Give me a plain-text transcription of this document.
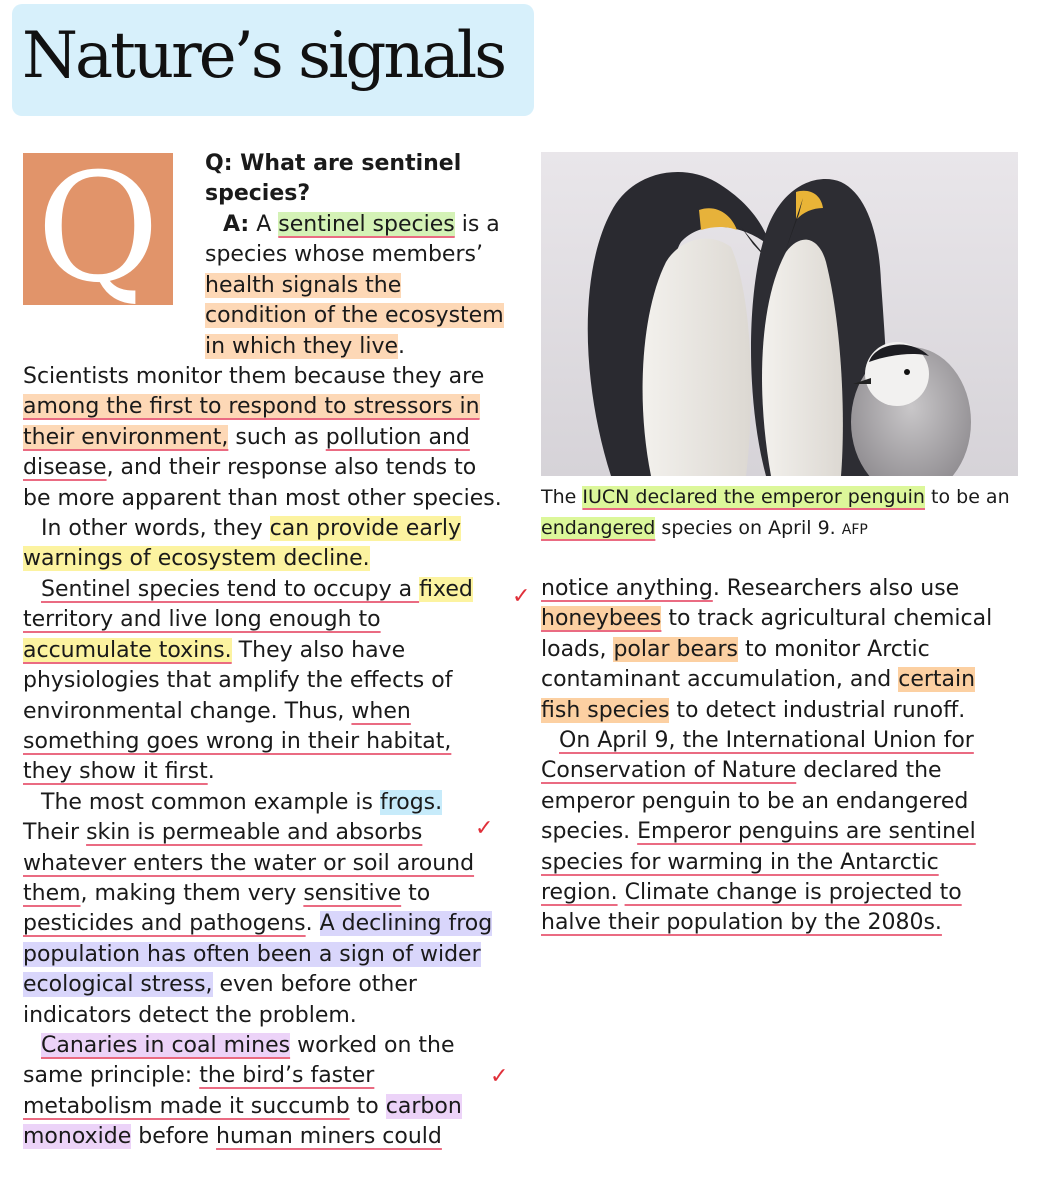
Nature’s signals
Q	Q: What are sentinel species?

A: A sentinel species is a species whose members’ health signals the condition of the ecosystem in which they live. Scientists monitor them because they are among the first to respond to stressors in their environment, such as pollution and disease, and their response also tends to be more apparent than most other species.

In other words, they can provide early warnings of ecosystem decline.

Sentinel species tend to occupy a fixed territory and live long enough to accumulate toxins. They also have physiologies that amplify the effects of environmental change. Thus, when something goes wrong in their habitat, they show it first.

The most common example is frogs. Their skin is permeable and absorbs whatever enters the water or soil around them, making them very sensitive to pesticides and pathogens. A declining frog population has often been a sign of wider ecological stress, even before other indicators detect the problem.

Canaries in coal mines worked on the same principle: the bird’s faster metabolism made it succumb to carbon monoxide before human miners could

The IUCN declared the emperor penguin to be an endangered species on April 9. AFP

notice anything. Researchers also use honeybees to track agricultural chemical loads, polar bears to monitor Arctic contaminant accumulation, and certain fish species to detect industrial runoff.

On April 9, the International Union for Conservation of Nature declared the emperor penguin to be an endangered species. Emperor penguins are sentinel species for warming in the Antarctic region. Climate change is projected to halve their population by the 2080s.

✓
✓
✓
